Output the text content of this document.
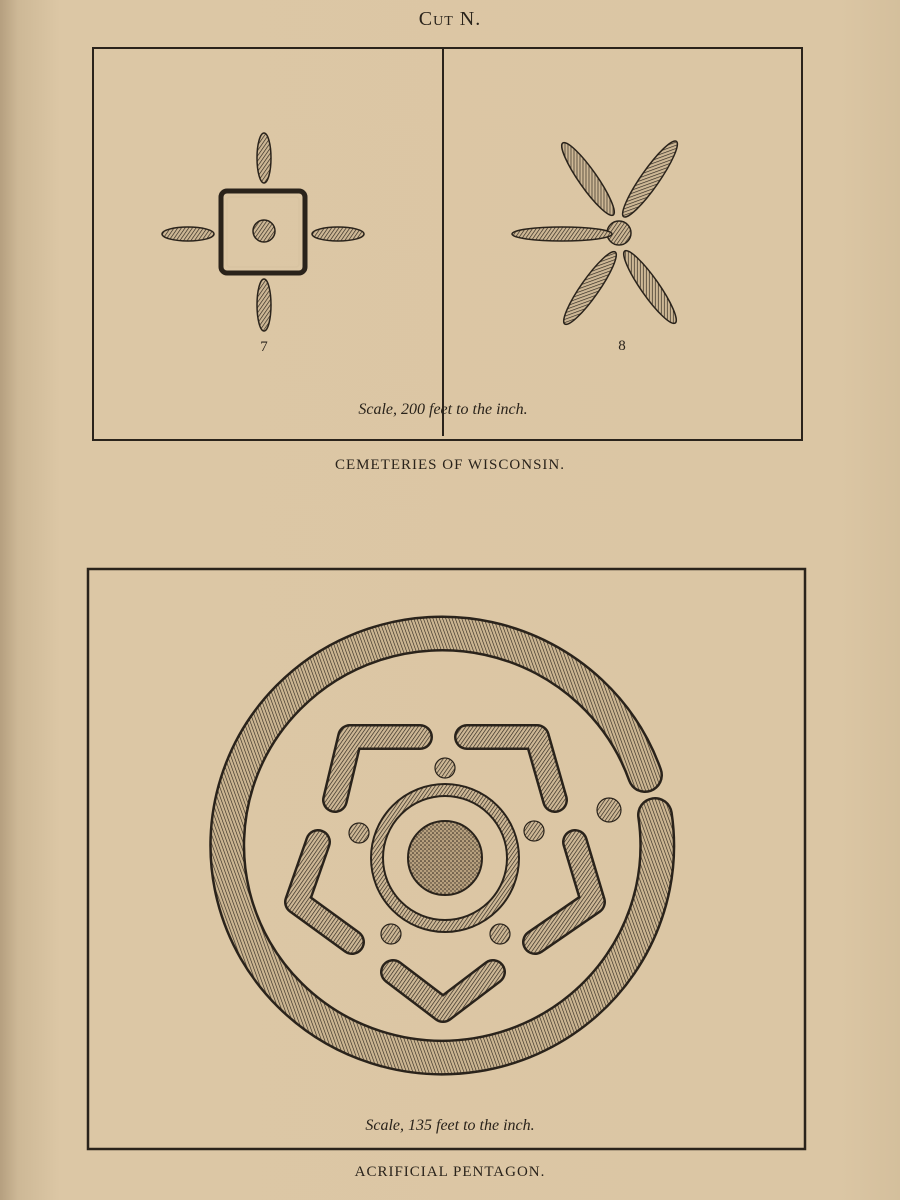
Cut N.
7	8
Scale, 200 feet to the inch.
Scale, 135 feet to the inch.
CEMETERIES OF WISCONSIN.
ACRIFICIAL PENTAGON.
